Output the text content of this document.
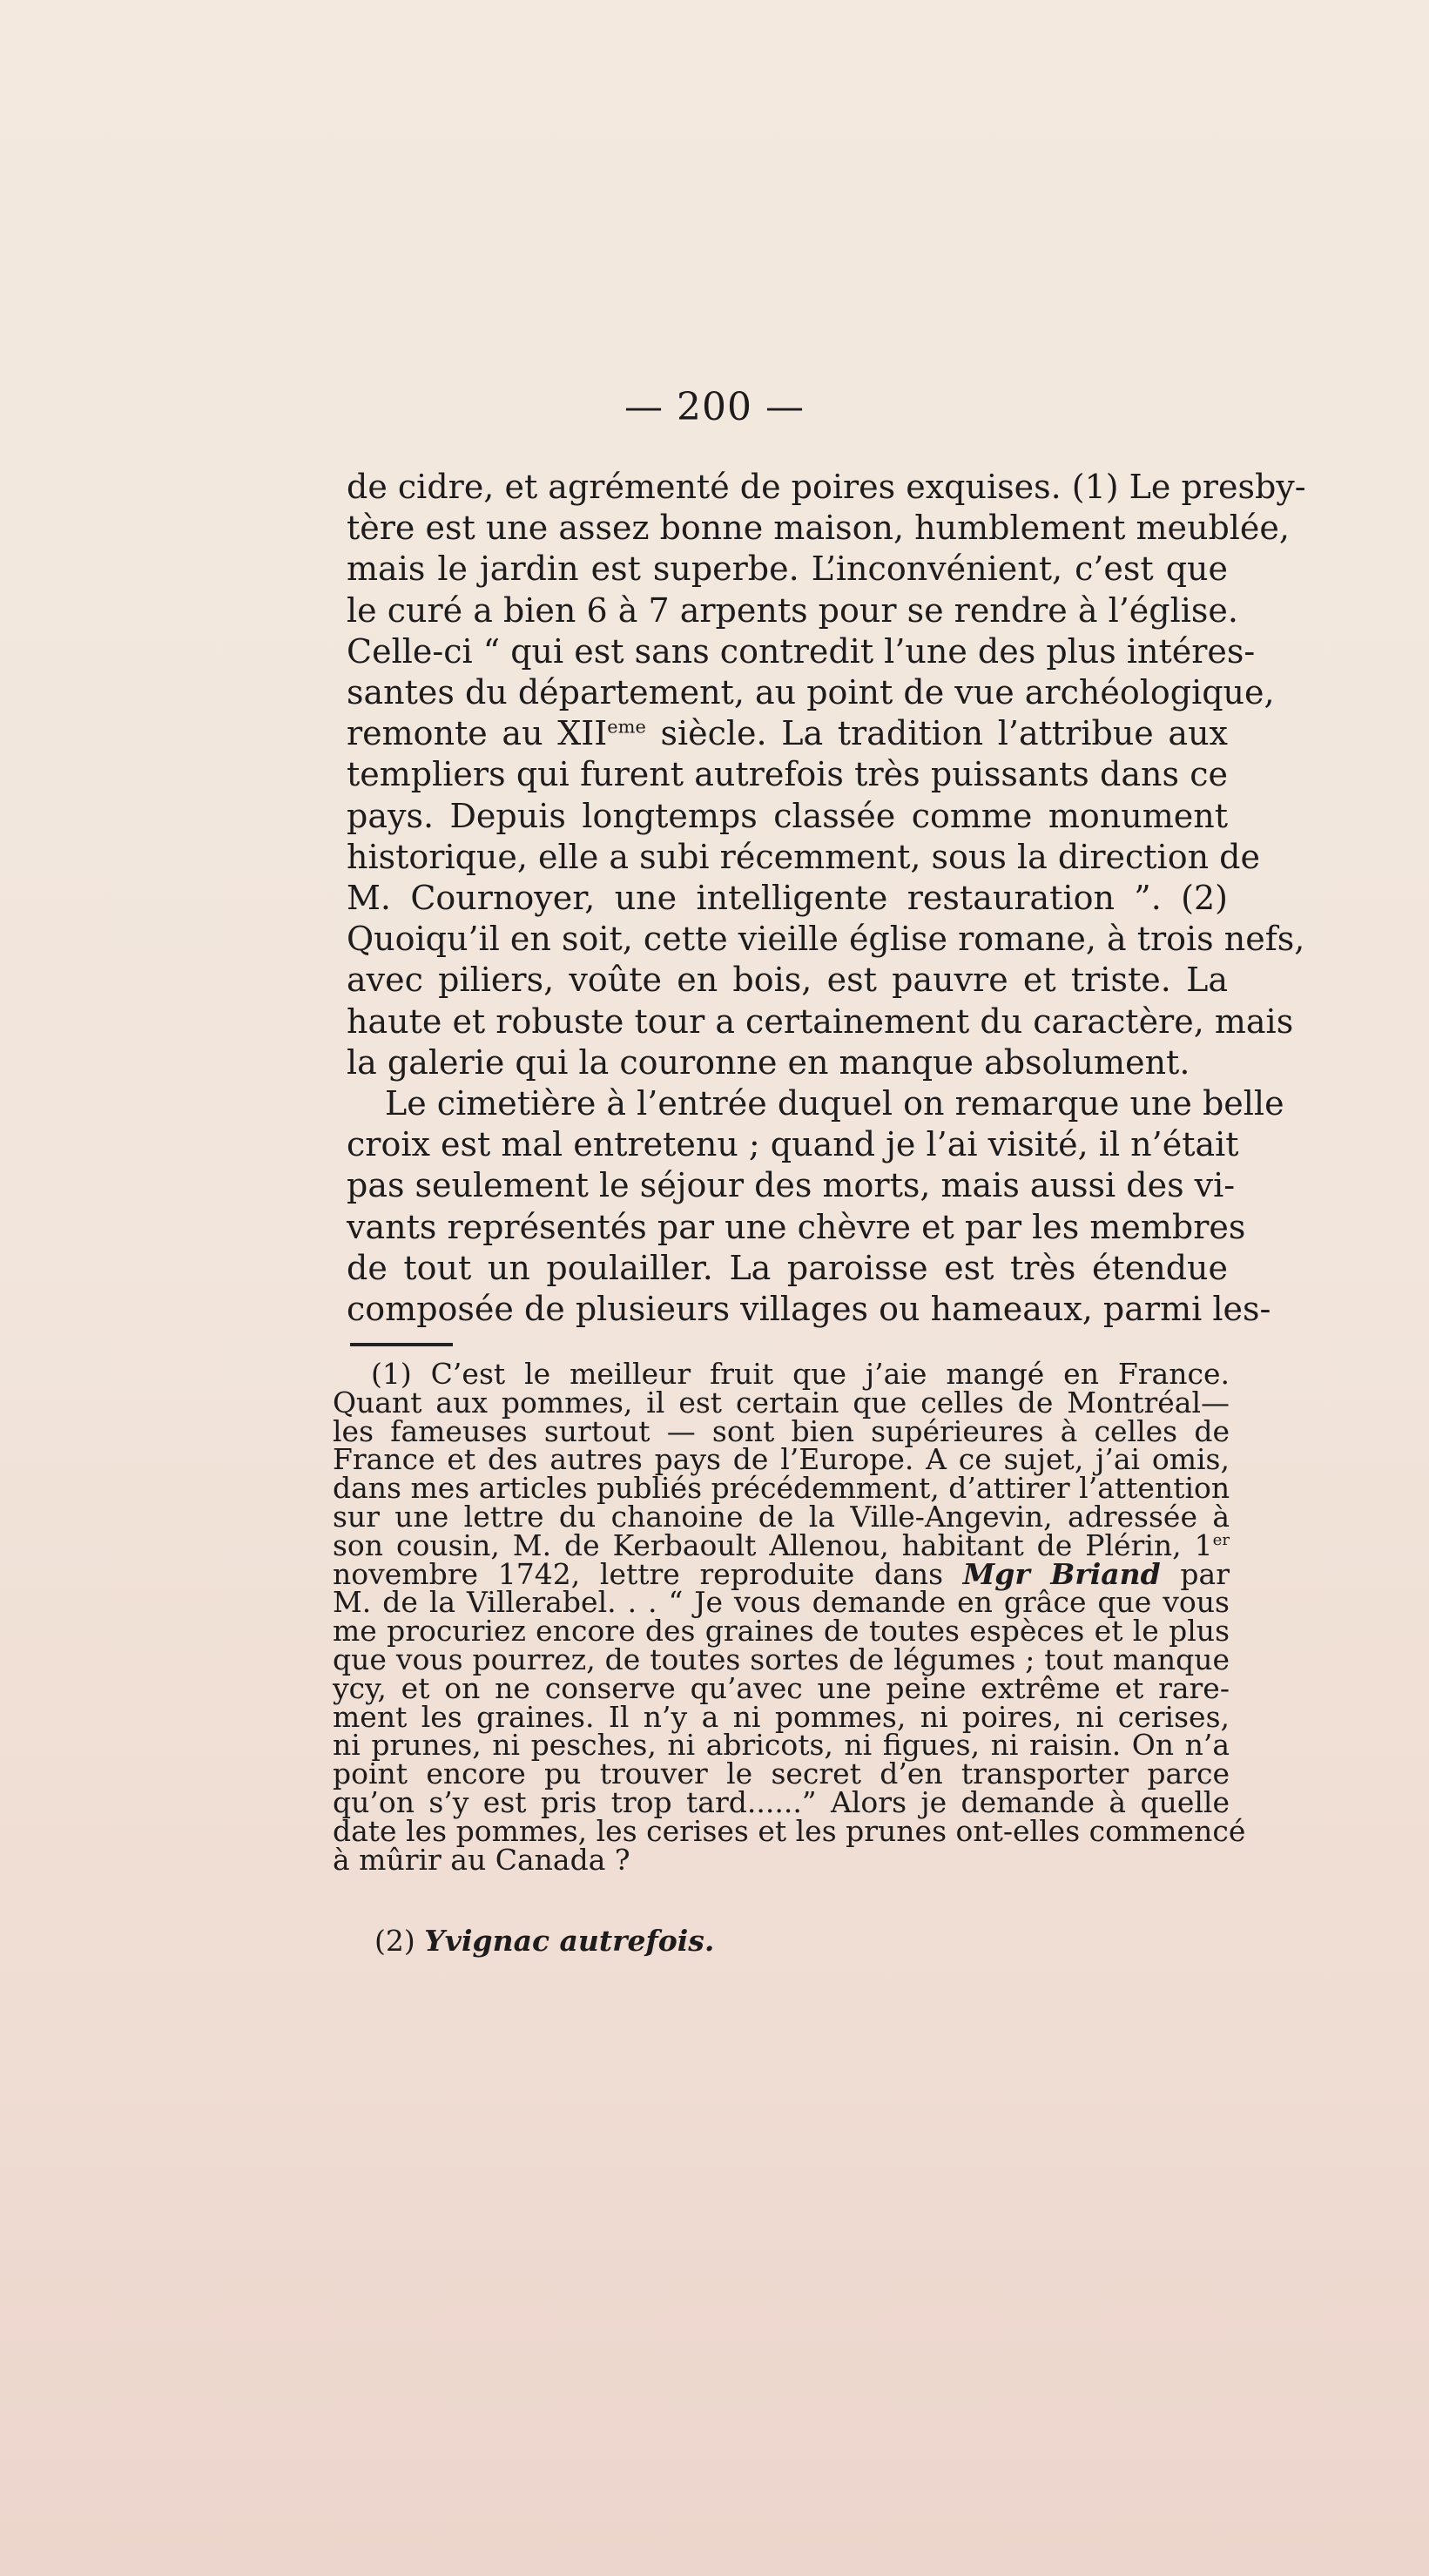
— 200 —
de cidre, et agrémenté de poires exquises. (1) Le presby-
tère est une assez bonne maison, humblement meublée,
mais le jardin est superbe. L’inconvénient, c’est que
le curé a bien 6 à 7 arpents pour se rendre à l’église.
Celle-ci “ qui est sans contredit l’une des plus intéres-
santes du département, au point de vue archéologique,
remonte au XIIeme siècle. La tradition l’attribue aux
templiers qui furent autrefois très puissants dans ce
pays. Depuis longtemps classée comme monument
historique, elle a subi récemment, sous la direction de
M. Cournoyer, une intelligente restauration ”. (2)
Quoiqu’il en soit, cette vieille église romane, à trois nefs,
avec piliers, voûte en bois, est pauvre et triste. La
haute et robuste tour a certainement du caractère, mais
la galerie qui la couronne en manque absolument.
Le cimetière à l’entrée duquel on remarque une belle
croix est mal entretenu ; quand je l’ai visité, il n’était
pas seulement le séjour des morts, mais aussi des vi-
vants représentés par une chèvre et par les membres
de tout un poulailler. La paroisse est très étendue
composée de plusieurs villages ou hameaux, parmi les-
(1) C’est le meilleur fruit que j’aie mangé en France.
Quant aux pommes, il est certain que celles de Montréal—
les fameuses surtout — sont bien supérieures à celles de
France et des autres pays de l’Europe. A ce sujet, j’ai omis,
dans mes articles publiés précédemment, d’attirer l’attention
sur une lettre du chanoine de la Ville-Angevin, adressée à
son cousin, M. de Kerbaoult Allenou, habitant de Plérin, 1er
novembre 1742, lettre reproduite dans Mgr Briand par
M. de la Villerabel. . . “ Je vous demande en grâce que vous
me procuriez encore des graines de toutes espèces et le plus
que vous pourrez, de toutes sortes de légumes ; tout manque
ycy, et on ne conserve qu’avec une peine extrême et rare-
ment les graines. Il n’y a ni pommes, ni poires, ni cerises,
ni prunes, ni pesches, ni abricots, ni figues, ni raisin. On n’a
point encore pu trouver le secret d’en transporter parce
qu’on s’y est pris trop tard......” Alors je demande à quelle
date les pommes, les cerises et les prunes ont-elles commencé
à mûrir au Canada ?
(2) Yvignac autrefois.
